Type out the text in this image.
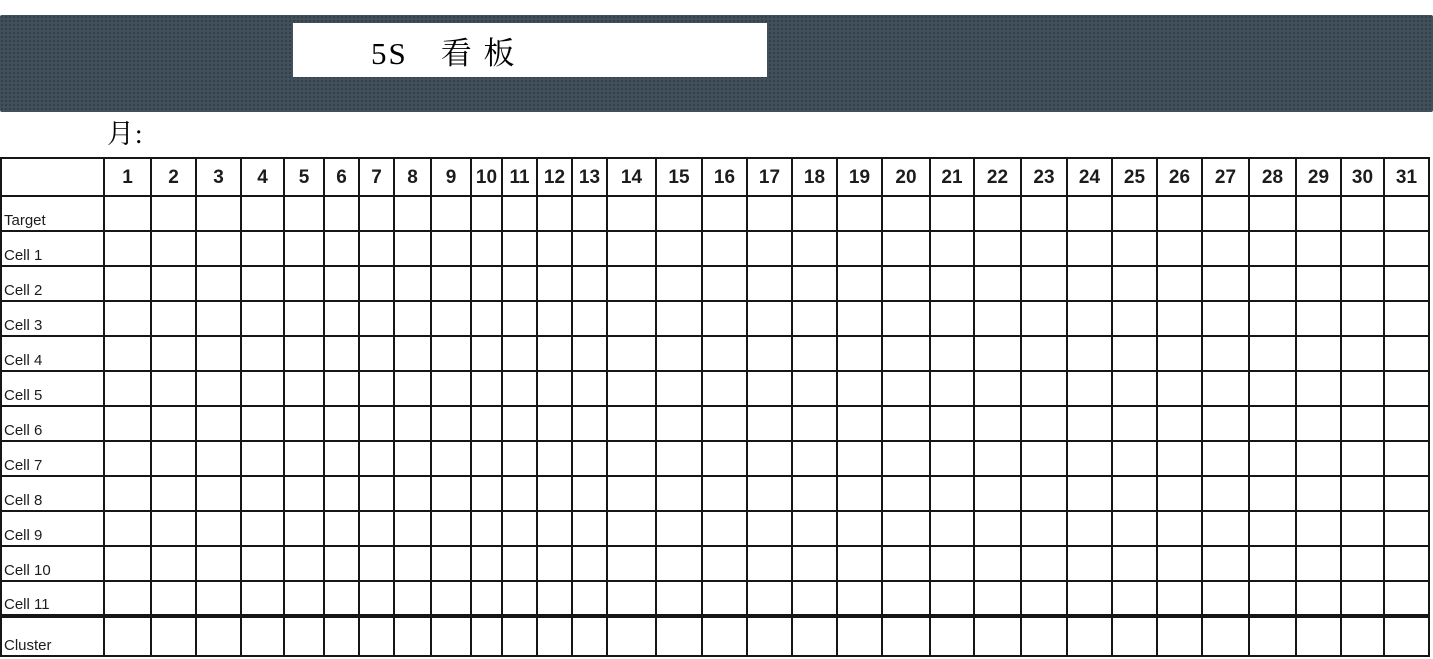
5S　看 板
月:
	1	2	3	4	5	6	7	8	9	10	11	12	13	14	15	16	17	18	19	20	21	22	23	24	25	26	27	28	29	30	31
Target																															
Cell 1																															
Cell 2																															
Cell 3																															
Cell 4																															
Cell 5																															
Cell 6																															
Cell 7																															
Cell 8																															
Cell 9																															
Cell 10																															
Cell 11																															
Cluster																															
